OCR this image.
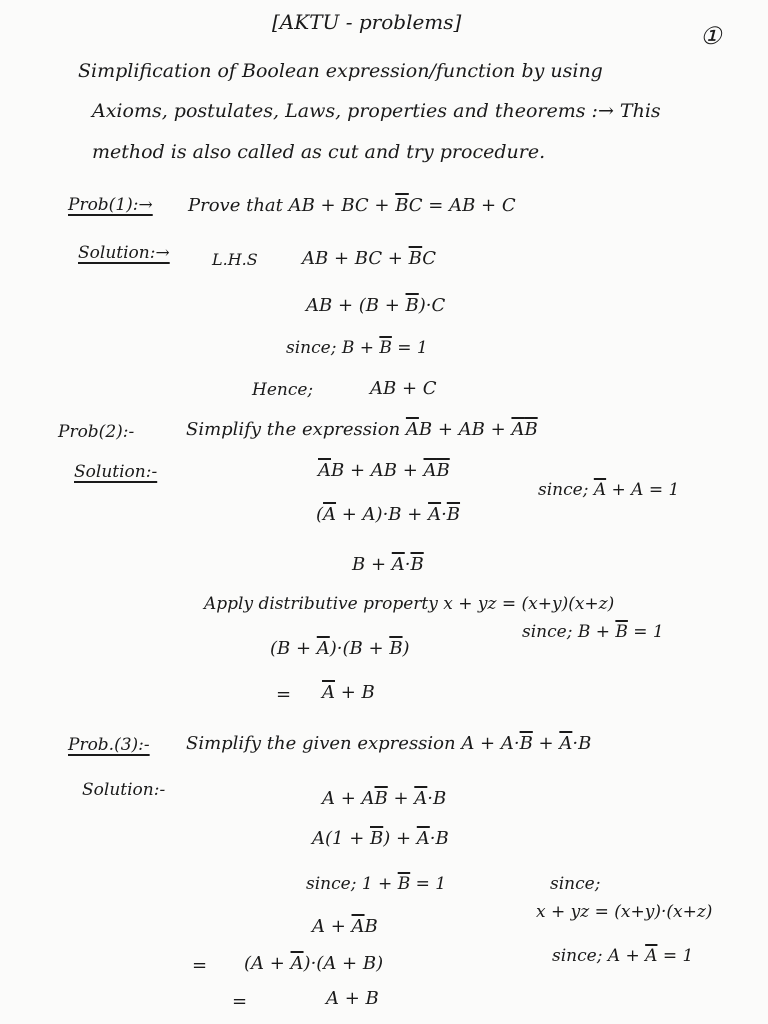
[AKTU - problems]	①
Simplification of Boolean expression/function by using
Axioms, postulates, Laws, properties and theorems :→ This
method is also called as cut and try procedure.
Prob(1):→ Prove that AB + BC + $\overline{B}C$ = AB + C
Solution:→	L.H.S AB + BC + $\overline{B}C$
AB + $(B + \overline{B})\cdot C$
since; $B + \overline{B} = 1$
Hence;	AB + C
Prob(2):-	Simplify the expression $\overline{A}B$ + AB + $\overline{A}\overline{B}$
Solution:-	$\overline{A}B$ + AB + $\overline{A}\overline{B}$
$(\overline{A} + A)\cdot B + \overline{A}\cdot\overline{B}$
since; $\overline{A} + A = 1$
$B + \overline{A}\cdot\overline{B}$
Apply distributive property x + yz = (x+y)(x+z)
$(B + \overline{A})\cdot(B + \overline{B})$
since; $B + \overline{B} = 1$
= $\overline{A} + B$
Prob.(3):- Simplify the given expression $A + A\cdot\overline{B} + \overline{A}\cdot B$
Solution:-	$A + A\overline{B} + \overline{A}\cdot B$
$A(1 + \overline{B}) + \overline{A}\cdot B$
since; $1 + \overline{B} = 1$	since;
x + yz = (x+y)·(x+z)
$A + \overline{A}B$
= $(A + \overline{A})\cdot(A + B)$	since; $A + \overline{A} = 1$
=	A + B
